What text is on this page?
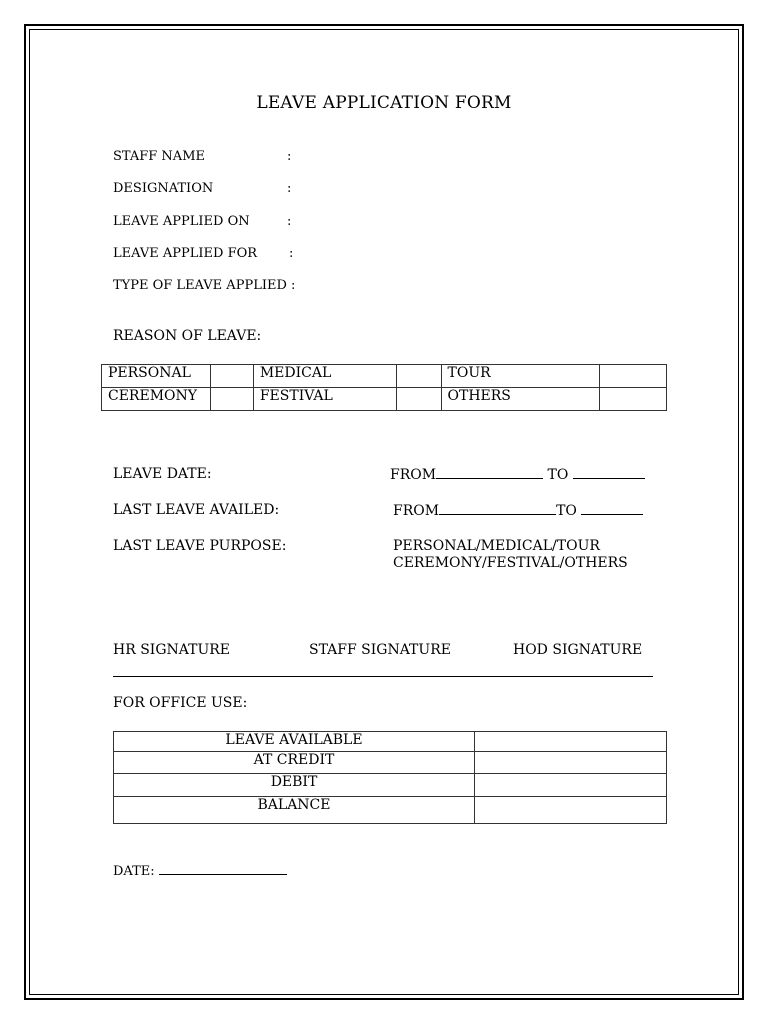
LEAVE APPLICATION FORM
STAFF NAME	:
DESIGNATION	:
LEAVE APPLIED ON	:
LEAVE APPLIED FOR :
TYPE OF LEAVE APPLIED :
REASON OF LEAVE:
PERSONAL		MEDICAL		TOUR	
CEREMONY		FESTIVAL		OTHERS	
LEAVE DATE:	FROM	TO
LAST LEAVE AVAILED:	FROM	TO
LAST LEAVE PURPOSE:	PERSONAL/MEDICAL/TOUR
CEREMONY/FESTIVAL/OTHERS
HR SIGNATURE	STAFF SIGNATURE	HOD SIGNATURE
FOR OFFICE USE:
LEAVE AVAILABLE	
AT CREDIT	
DEBIT	
BALANCE	
DATE:
